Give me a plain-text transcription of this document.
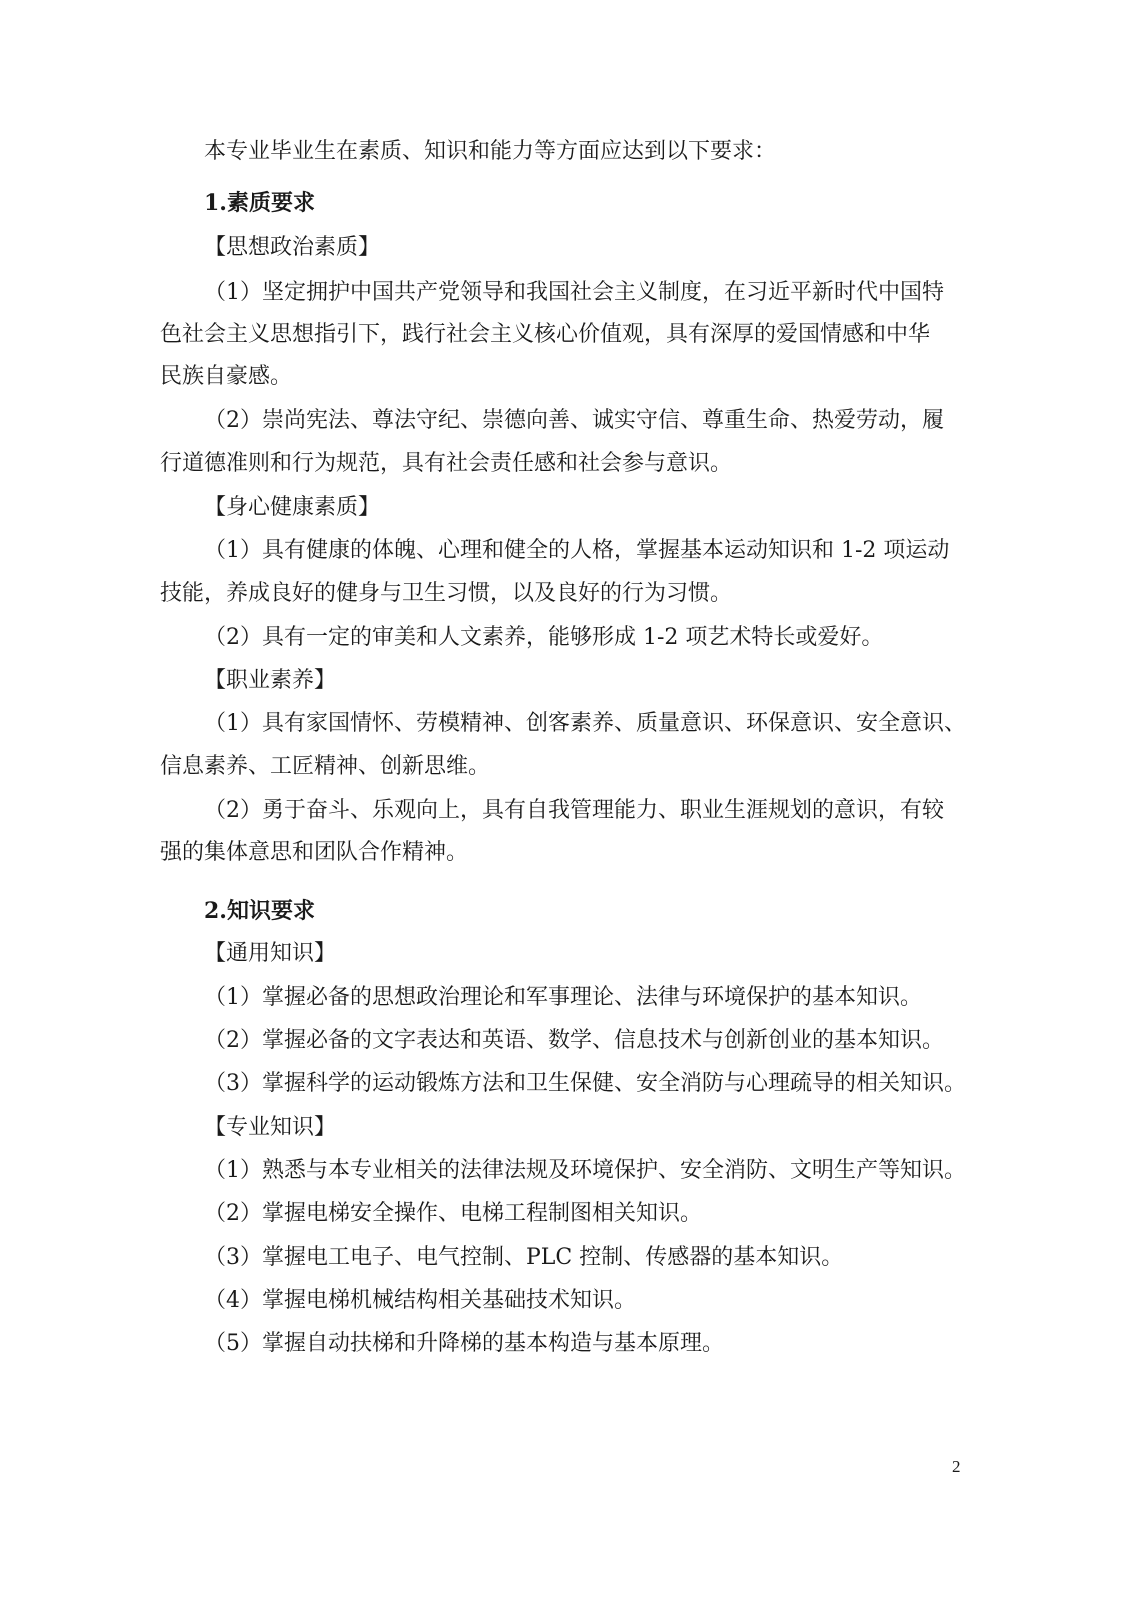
本专业毕业生在素质、知识和能力等方面应达到以下要求：
1.素质要求
【思想政治素质】
（1）坚定拥护中国共产党领导和我国社会主义制度，在习近平新时代中国特
色社会主义思想指引下，践行社会主义核心价值观，具有深厚的爱国情感和中华
民族自豪感。
（2）崇尚宪法、尊法守纪、崇德向善、诚实守信、尊重生命、热爱劳动，履
行道德准则和行为规范，具有社会责任感和社会参与意识。
【身心健康素质】
（1）具有健康的体魄、心理和健全的人格，掌握基本运动知识和 1-2 项运动
技能，养成良好的健身与卫生习惯，以及良好的行为习惯。
（2）具有一定的审美和人文素养，能够形成 1-2 项艺术特长或爱好。
【职业素养】
（1）具有家国情怀、劳模精神、创客素养、质量意识、环保意识、安全意识、
信息素养、工匠精神、创新思维。
（2）勇于奋斗、乐观向上，具有自我管理能力、职业生涯规划的意识，有较
强的集体意思和团队合作精神。
2.知识要求
【通用知识】
（1）掌握必备的思想政治理论和军事理论、法律与环境保护的基本知识。
（2）掌握必备的文字表达和英语、数学、信息技术与创新创业的基本知识。
（3）掌握科学的运动锻炼方法和卫生保健、安全消防与心理疏导的相关知识。
【专业知识】
（1）熟悉与本专业相关的法律法规及环境保护、安全消防、文明生产等知识。
（2）掌握电梯安全操作、电梯工程制图相关知识。
（3）掌握电工电子、电气控制、PLC 控制、传感器的基本知识。
（4）掌握电梯机械结构相关基础技术知识。
（5）掌握自动扶梯和升降梯的基本构造与基本原理。
2
